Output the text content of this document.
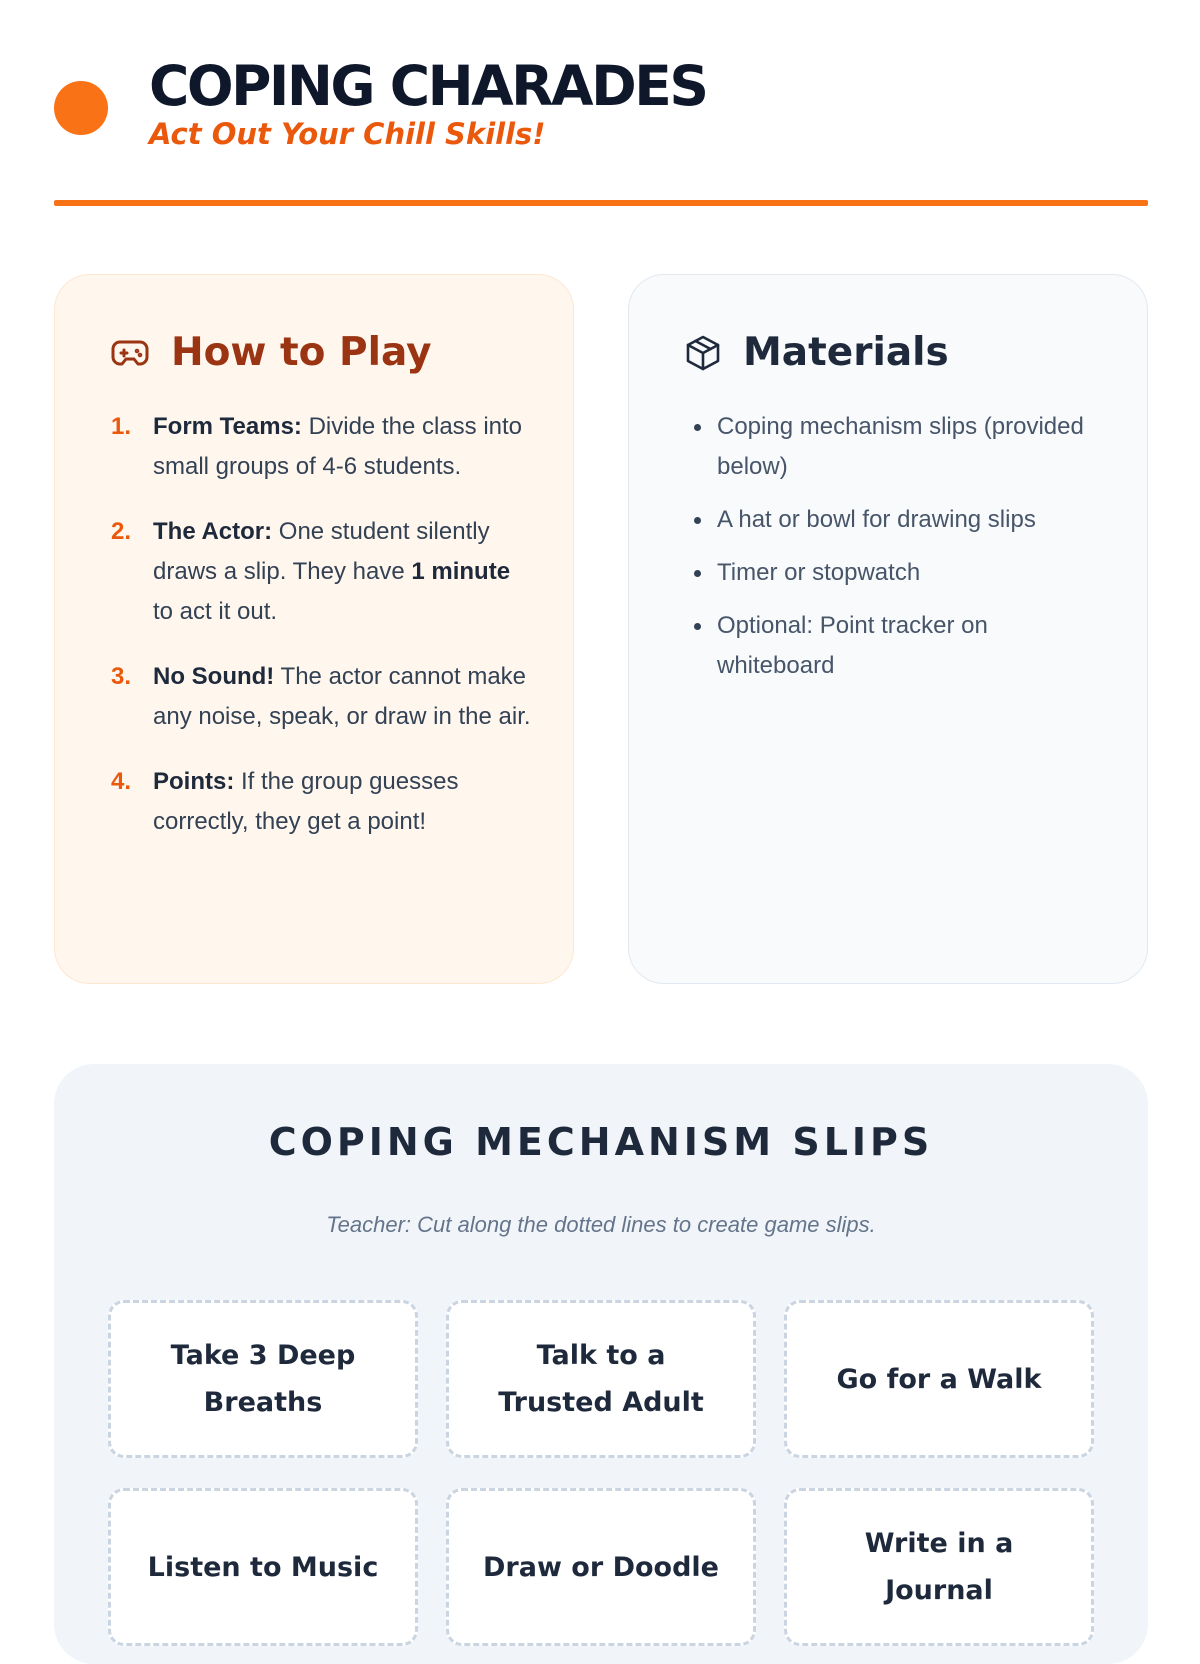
COPING CHARADES

Act Out Your Chill Skills!

How to Play
1. Form Teams: Divide the class into small groups of 4-6 students.
2. The Actor: One student silently draws a slip. They have 1 minute to act it out.
3. No Sound! The actor cannot make any noise, speak, or draw in the air.
4. Points: If the group guesses correctly, they get a point!
Materials
Coping mechanism slips (provided below)
A hat or bowl for drawing slips
Timer or stopwatch
Optional: Point tracker on whiteboard
COPING MECHANISM SLIPS

Teacher: Cut along the dotted lines to create game slips.

Take 3 Deep Breaths
Talk to a Trusted Adult
Go for a Walk
Listen to Music	Draw or Doodle
Write in a Journal
